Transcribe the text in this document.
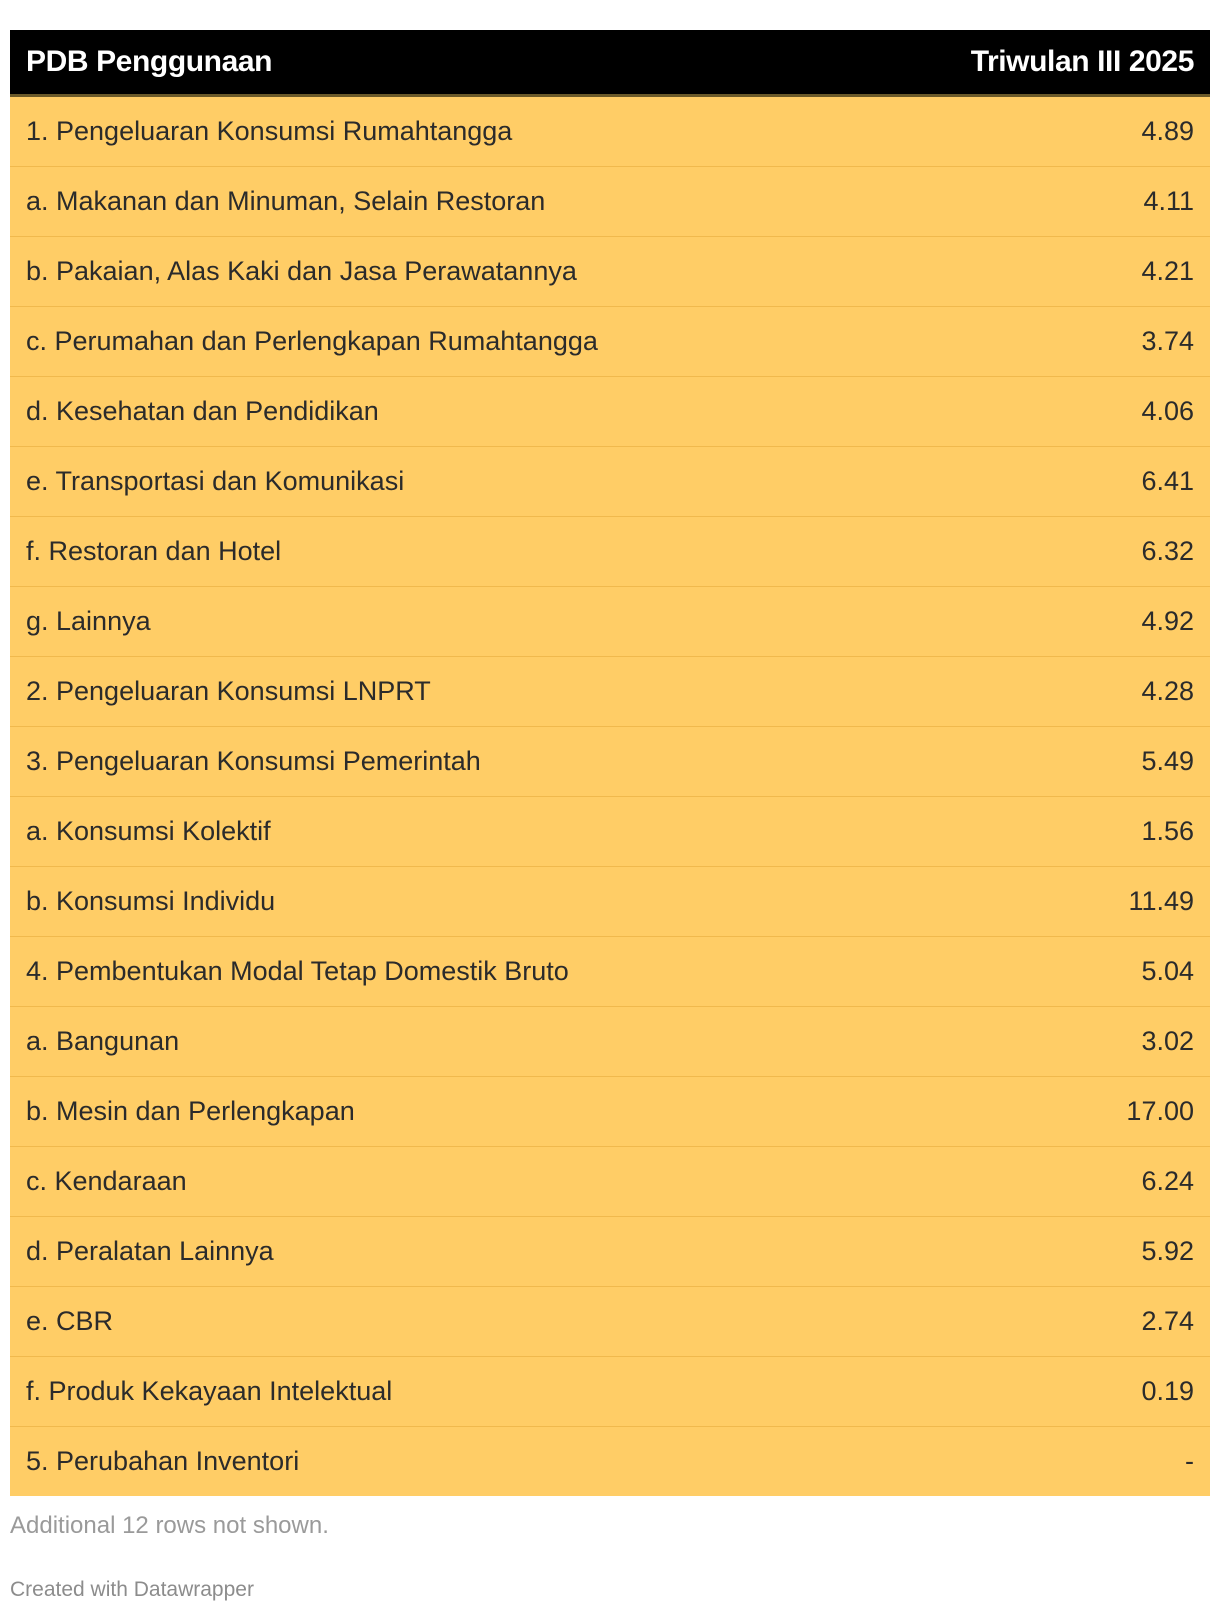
PDB Penggunaan	Triwulan III 2025
1. Pengeluaran Konsumsi Rumahtangga	4.89
a. Makanan dan Minuman, Selain Restoran	4.11
b. Pakaian, Alas Kaki dan Jasa Perawatannya	4.21
c. Perumahan dan Perlengkapan Rumahtangga	3.74
d. Kesehatan dan Pendidikan	4.06
e. Transportasi dan Komunikasi	6.41
f. Restoran dan Hotel	6.32
g. Lainnya	4.92
2. Pengeluaran Konsumsi LNPRT	4.28
3. Pengeluaran Konsumsi Pemerintah	5.49
a. Konsumsi Kolektif	1.56
b. Konsumsi Individu	11.49
4. Pembentukan Modal Tetap Domestik Bruto	5.04
a. Bangunan	3.02
b. Mesin dan Perlengkapan	17.00
c. Kendaraan	6.24
d. Peralatan Lainnya	5.92
e. CBR	2.74
f. Produk Kekayaan Intelektual	0.19
5. Perubahan Inventori	-
Additional 12 rows not shown.
Created with Datawrapper
